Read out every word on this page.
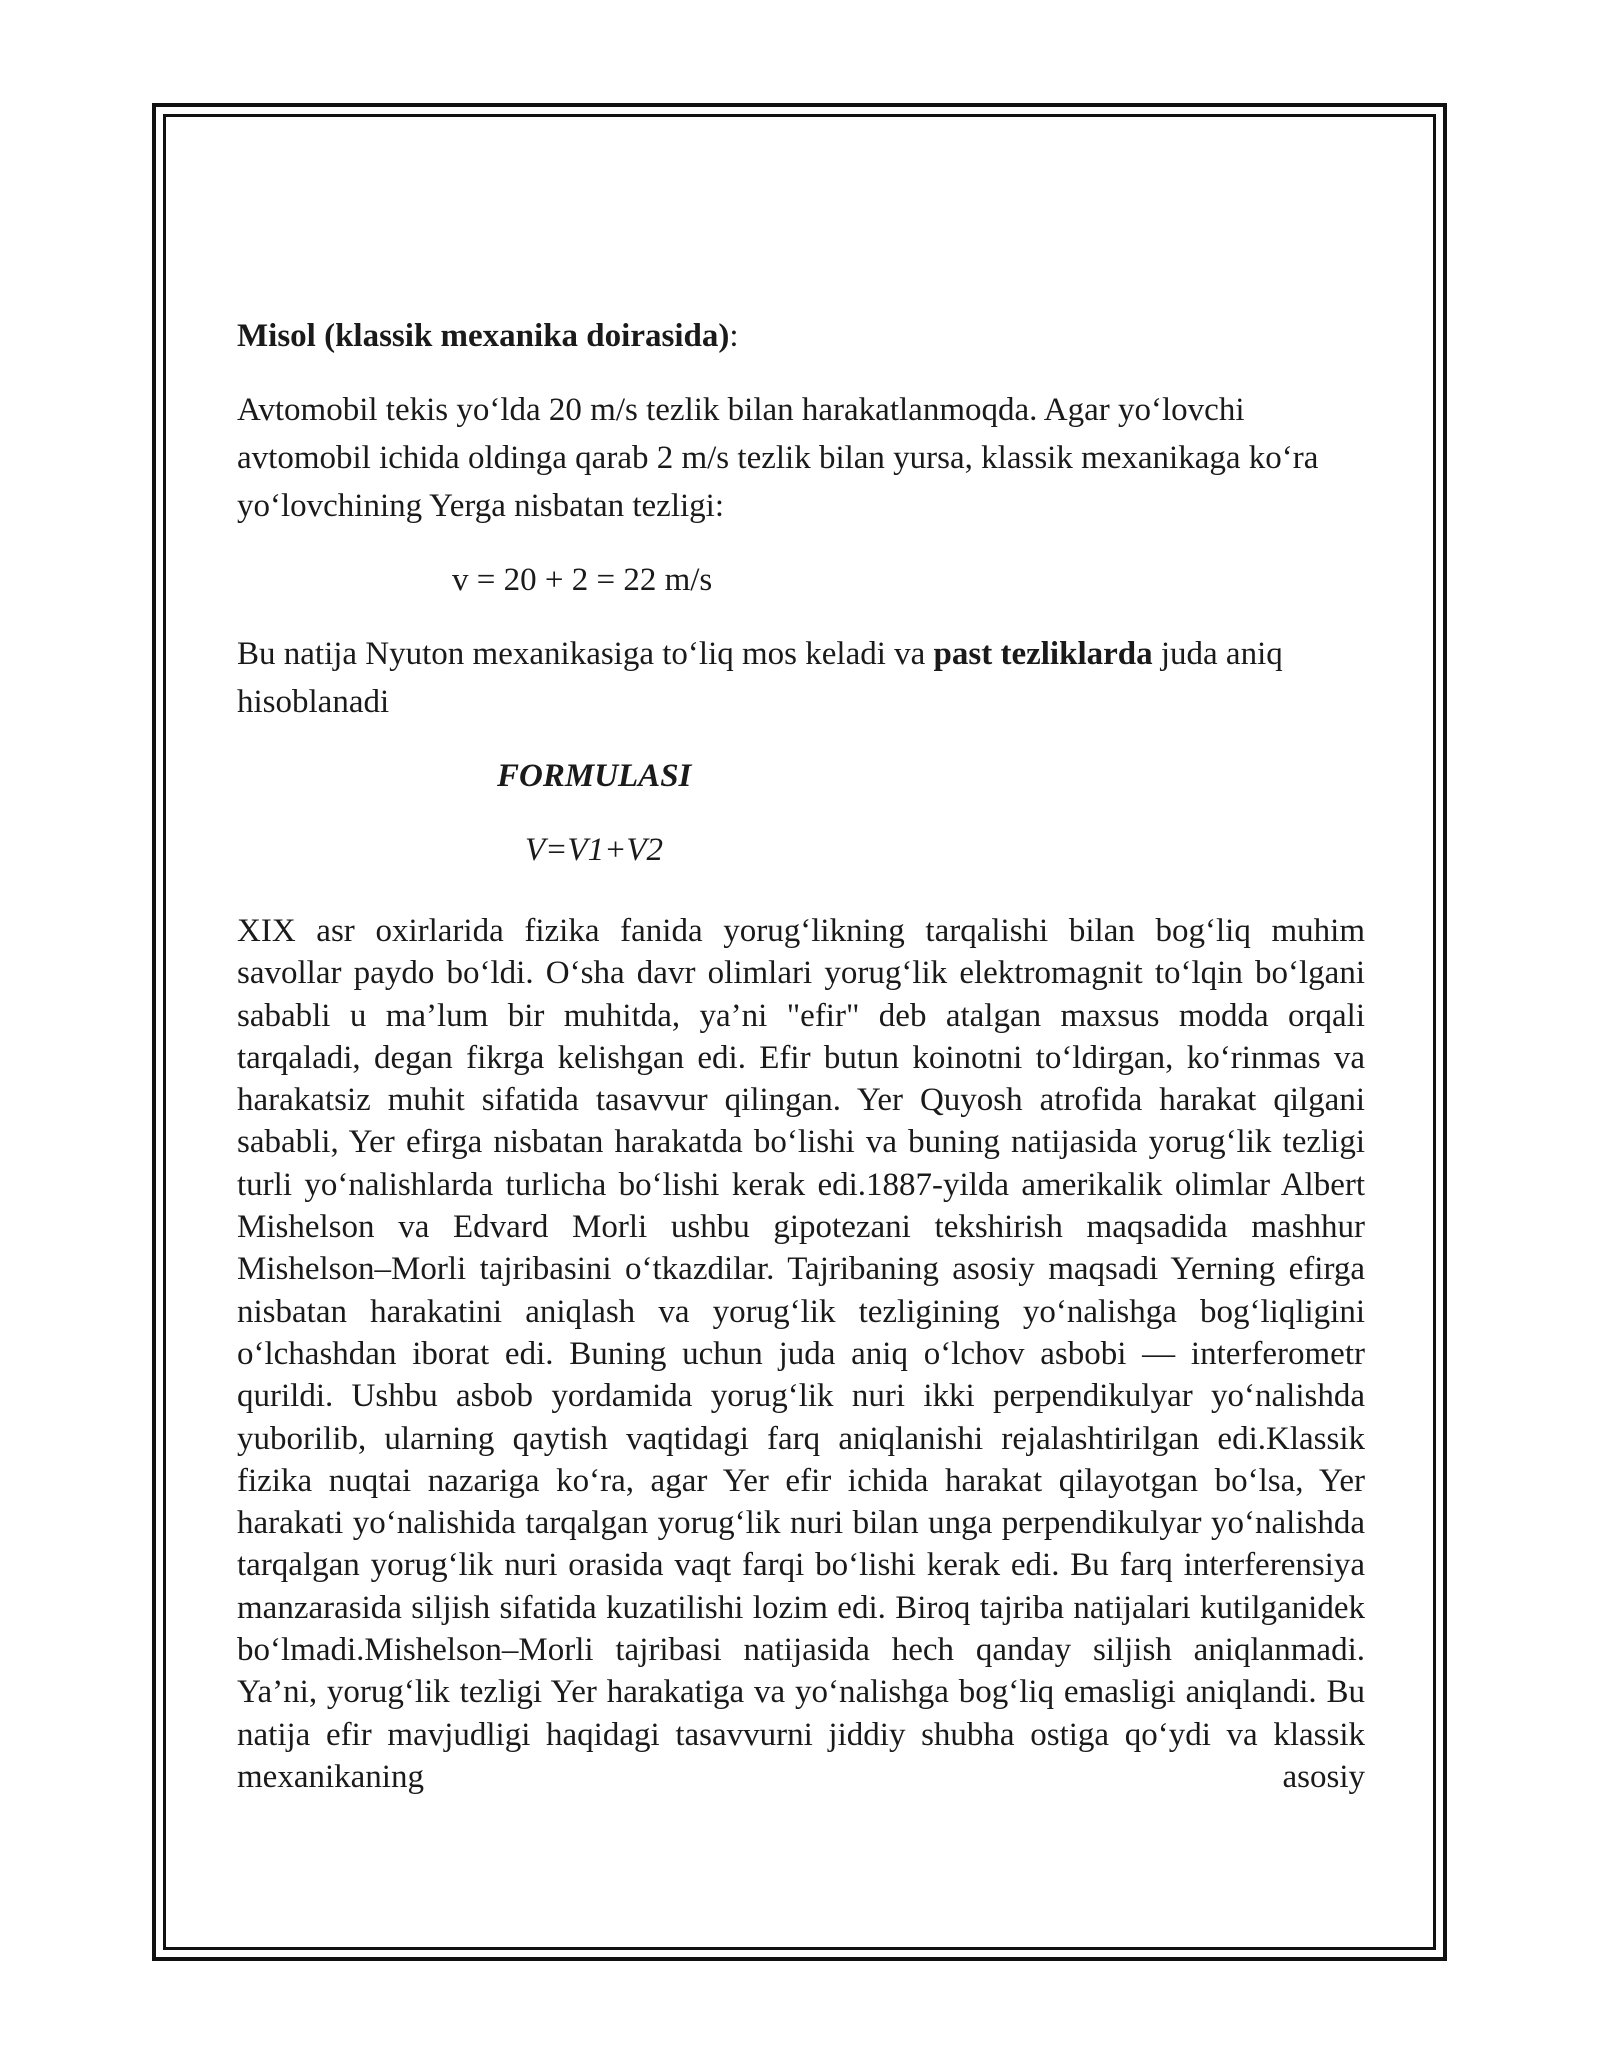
Misol (klassik mexanika doirasida):

Avtomobil tekis yo‘lda 20 m/s tezlik bilan harakatlanmoqda. Agar yo‘lovchi avtomobil ichida oldinga qarab 2 m/s tezlik bilan yursa, klassik mexanikaga ko‘ra yo‘lovchining Yerga nisbatan tezligi:

v = 20 + 2 = 22 m/s

Bu natija Nyuton mexanikasiga to‘liq mos keladi va past tezliklarda juda aniq hisoblanadi

FORMULASI

V=V1+V2

XIX asr oxirlarida fizika fanida yorug‘likning tarqalishi bilan bog‘liq muhim savollar paydo bo‘ldi. O‘sha davr olimlari yorug‘lik elektromagnit to‘lqin bo‘lgani sababli u ma’lum bir muhitda, ya’ni "efir" deb atalgan maxsus modda orqali tarqaladi, degan fikrga kelishgan edi. Efir butun koinotni to‘ldirgan, ko‘rinmas va harakatsiz muhit sifatida tasavvur qilingan. Yer Quyosh atrofida harakat qilgani sababli, Yer efirga nisbatan harakatda bo‘lishi va buning natijasida yorug‘lik tezligi turli yo‘nalishlarda turlicha bo‘lishi kerak edi.1887-yilda amerikalik olimlar Albert Mishelson va Edvard Morli ushbu gipotezani tekshirish maqsadida mashhur Mishelson–Morli tajribasini o‘tkazdilar. Tajribaning asosiy maqsadi Yerning efirga nisbatan harakatini aniqlash va yorug‘lik tezligining yo‘nalishga bog‘liqligini o‘lchashdan iborat edi. Buning uchun juda aniq o‘lchov asbobi — interferometr qurildi. Ushbu asbob yordamida yorug‘lik nuri ikki perpendikulyar yo‘nalishda yuborilib, ularning qaytish vaqtidagi farq aniqlanishi rejalashtirilgan edi.Klassik fizika nuqtai nazariga ko‘ra, agar Yer efir ichida harakat qilayotgan bo‘lsa, Yer harakati yo‘nalishida tarqalgan yorug‘lik nuri bilan unga perpendikulyar yo‘nalishda tarqalgan yorug‘lik nuri orasida vaqt farqi bo‘lishi kerak edi. Bu farq interferensiya manzarasida siljish sifatida kuzatilishi lozim edi. Biroq tajriba natijalari kutilganidek bo‘lmadi.Mishelson–Morli tajribasi natijasida hech qanday siljish aniqlanmadi. Ya’ni, yorug‘lik tezligi Yer harakatiga va yo‘nalishga bog‘liq emasligi aniqlandi. Bu natija efir mavjudligi haqidagi tasavvurni jiddiy shubha ostiga qo‘ydi va klassik mexanikaning asosiy
